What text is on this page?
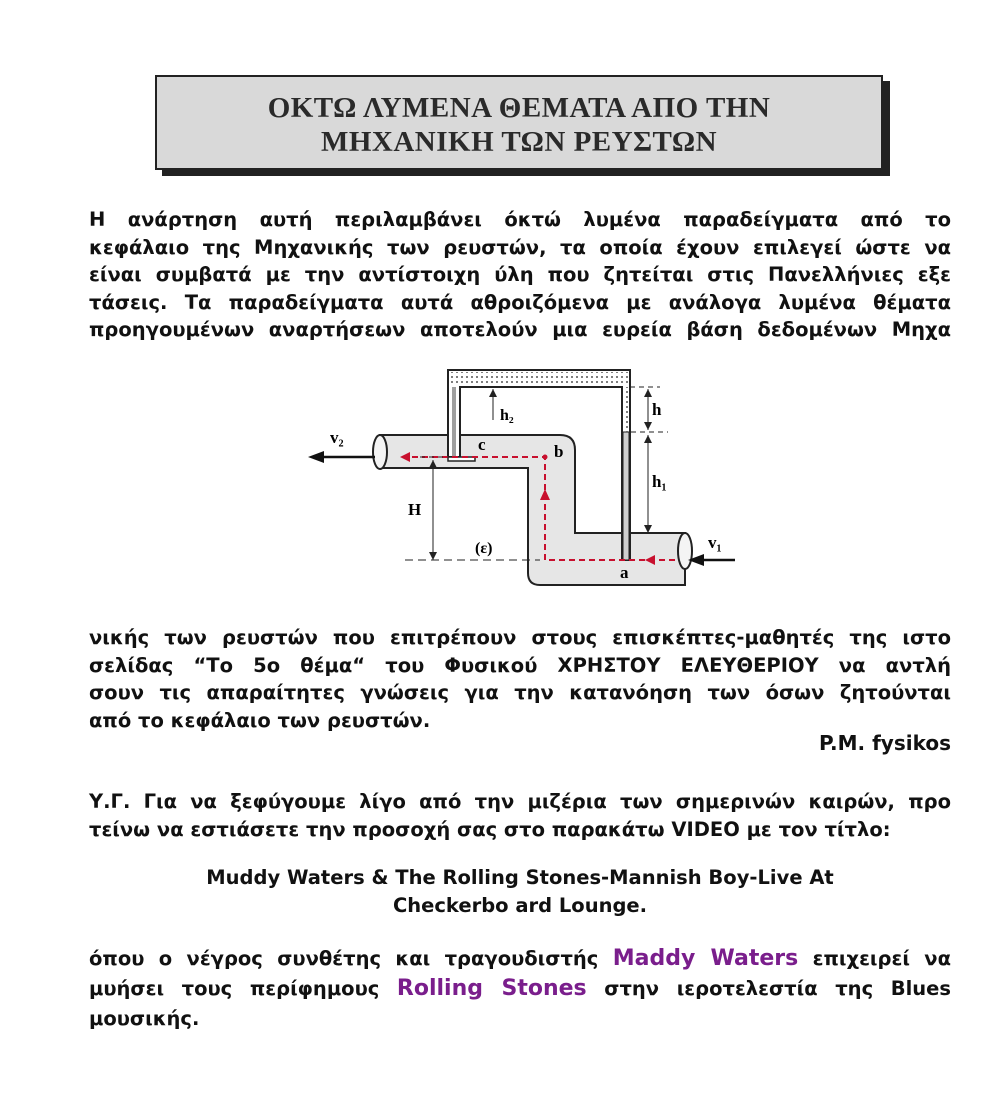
ΟΚΤΩ ΛΥΜΕΝΑ ΘΕΜΑΤΑ ΑΠΟ ΤΗΝ
ΜΗΧΑΝΙΚΗ ΤΩΝ ΡΕΥΣΤΩΝ
Η ανάρτηση αυτή περιλαμβάνει όκτώ λυμένα παραδείγματα από το
κεφάλαιο της Μηχανικής των ρευστών, τα οποία έχουν επιλεγεί ώστε να
είναι συμβατά με την αντίστοιχη ύλη που ζητείται στις Πανελλήνιες εξε
τάσεις. Τα παραδείγματα αυτά αθροιζόμενα με ανάλογα λυμένα θέματα
προηγουμένων αναρτήσεων αποτελούν μια ευρεία βάση δεδομένων Μηχα
v₂
v₁
h₂	h
h₁
c	b
a
H
(ε)
νικής των ρευστών που επιτρέπουν στους επισκέπτες-μαθητές της ιστο
σελίδας “Το 5ο θέμα“ του Φυσικού ΧΡΗΣΤΟΥ ΕΛΕΥΘΕΡΙΟΥ να αντλή
σουν τις απαραίτητες γνώσεις για την κατανόηση των όσων ζητούνται
από το κεφάλαιο των ρευστών.
P.M. fysikos
Υ.Γ. Για να ξεφύγουμε λίγο από την μιζέρια των σημερινών καιρών, προ
τείνω να εστιάσετε την προσοχή σας στο παρακάτω VIDEO με τον τίτλο:
Muddy Waters & The Rolling Stones-Mannish Boy-Live At
Checkerbo ard Lounge.
όπου ο νέγρος συνθέτης και τραγουδιστής Maddy Waters επιχειρεί να
μυήσει τους περίφημους Rolling Stones στην ιεροτελεστία της Blues
μουσικής.
